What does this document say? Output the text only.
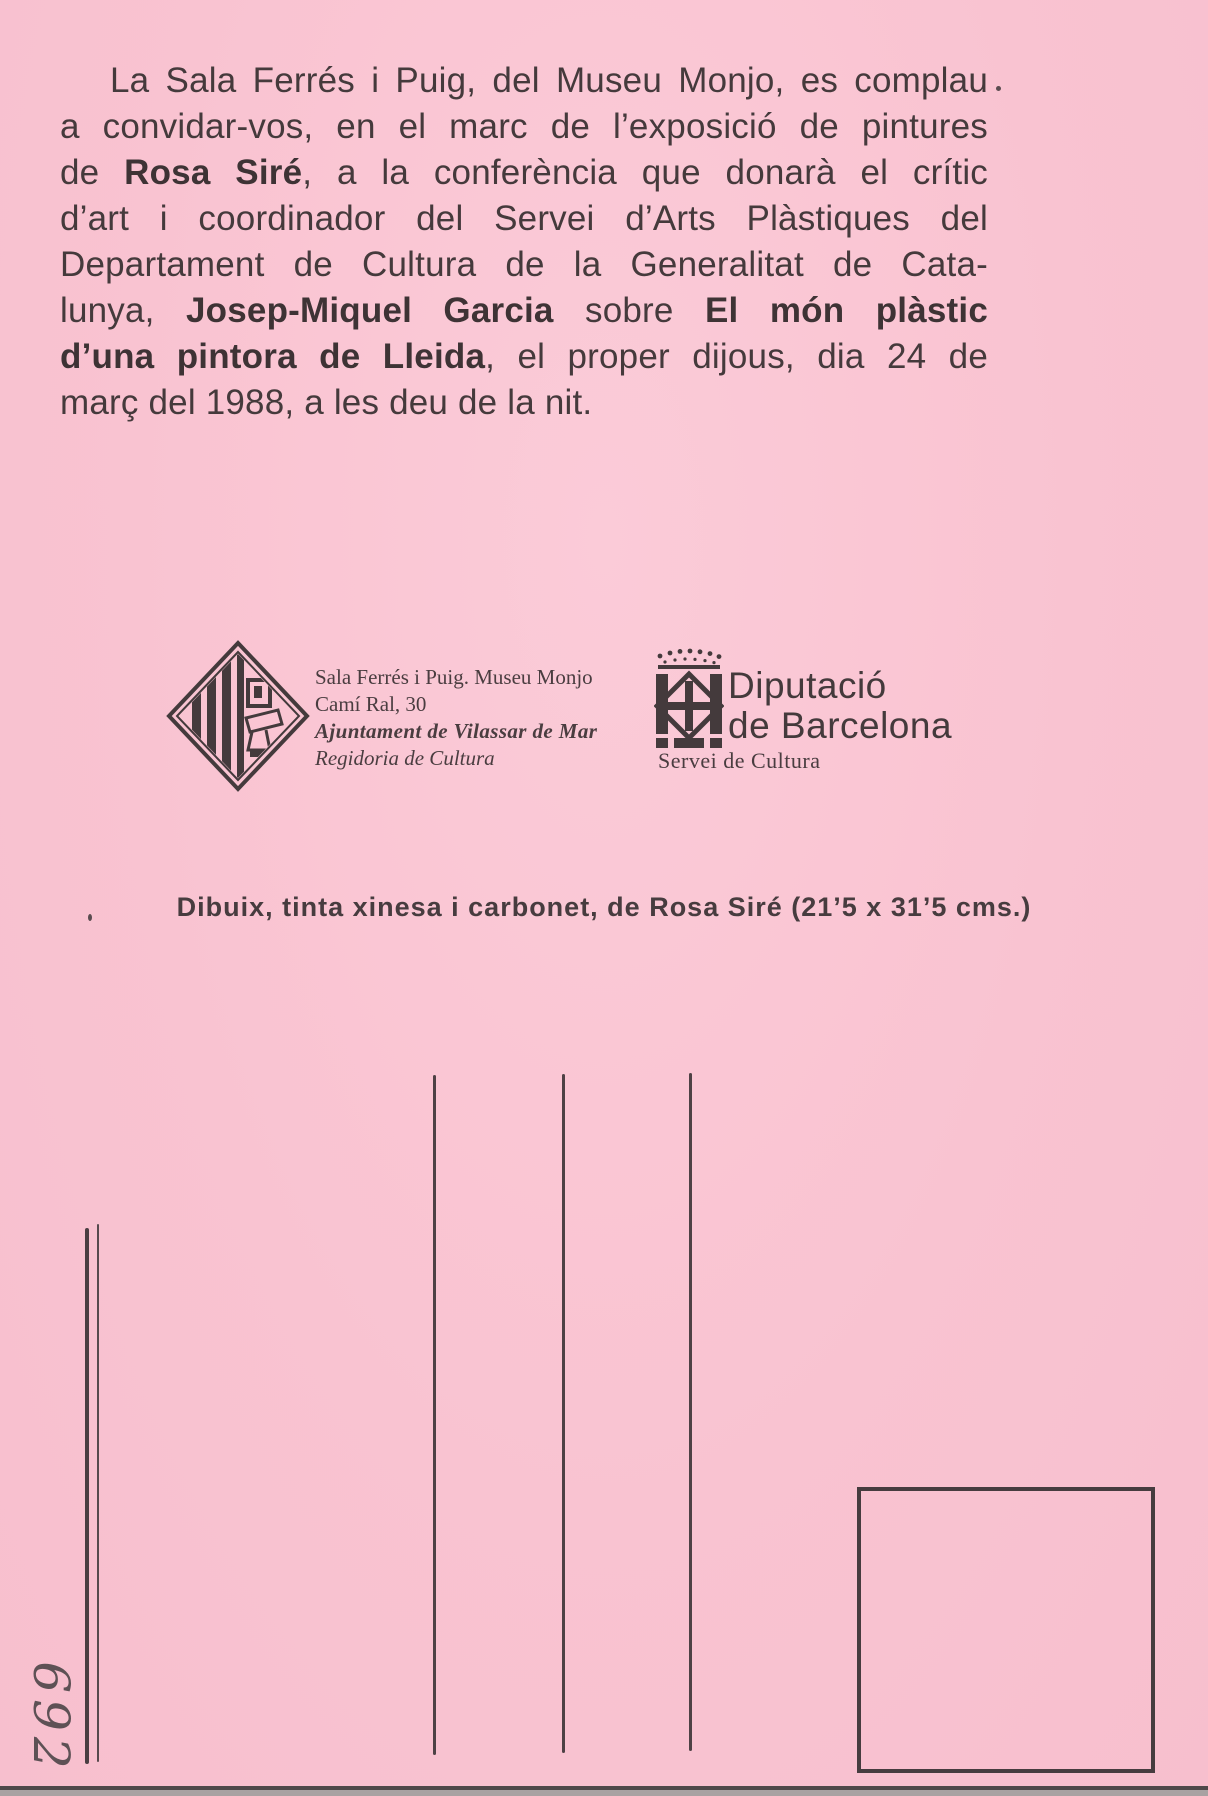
La Sala Ferrés i Puig, del Museu Monjo, es complau
a convidar-vos, en el marc de l’exposició de pintures
de Rosa Siré, a la conferència que donarà el crític
d’art i coordinador del Servei d’Arts Plàstiques del
Departament de Cultura de la Generalitat de Cata-
lunya, Josep-Miquel Garcia sobre El món plàstic
d’una pintora de Lleida, el proper dijous, dia 24 de
març del 1988, a les deu de la nit.
Sala Ferrés i Puig. Museu Monjo
Camí Ral, 30
Ajuntament de Vilassar de Mar
Regidoria de Cultura
Diputació
de Barcelona
Servei de Cultura
Dibuix, tinta xinesa i carbonet, de Rosa Siré (21’5 x 31’5 cms.)
692
